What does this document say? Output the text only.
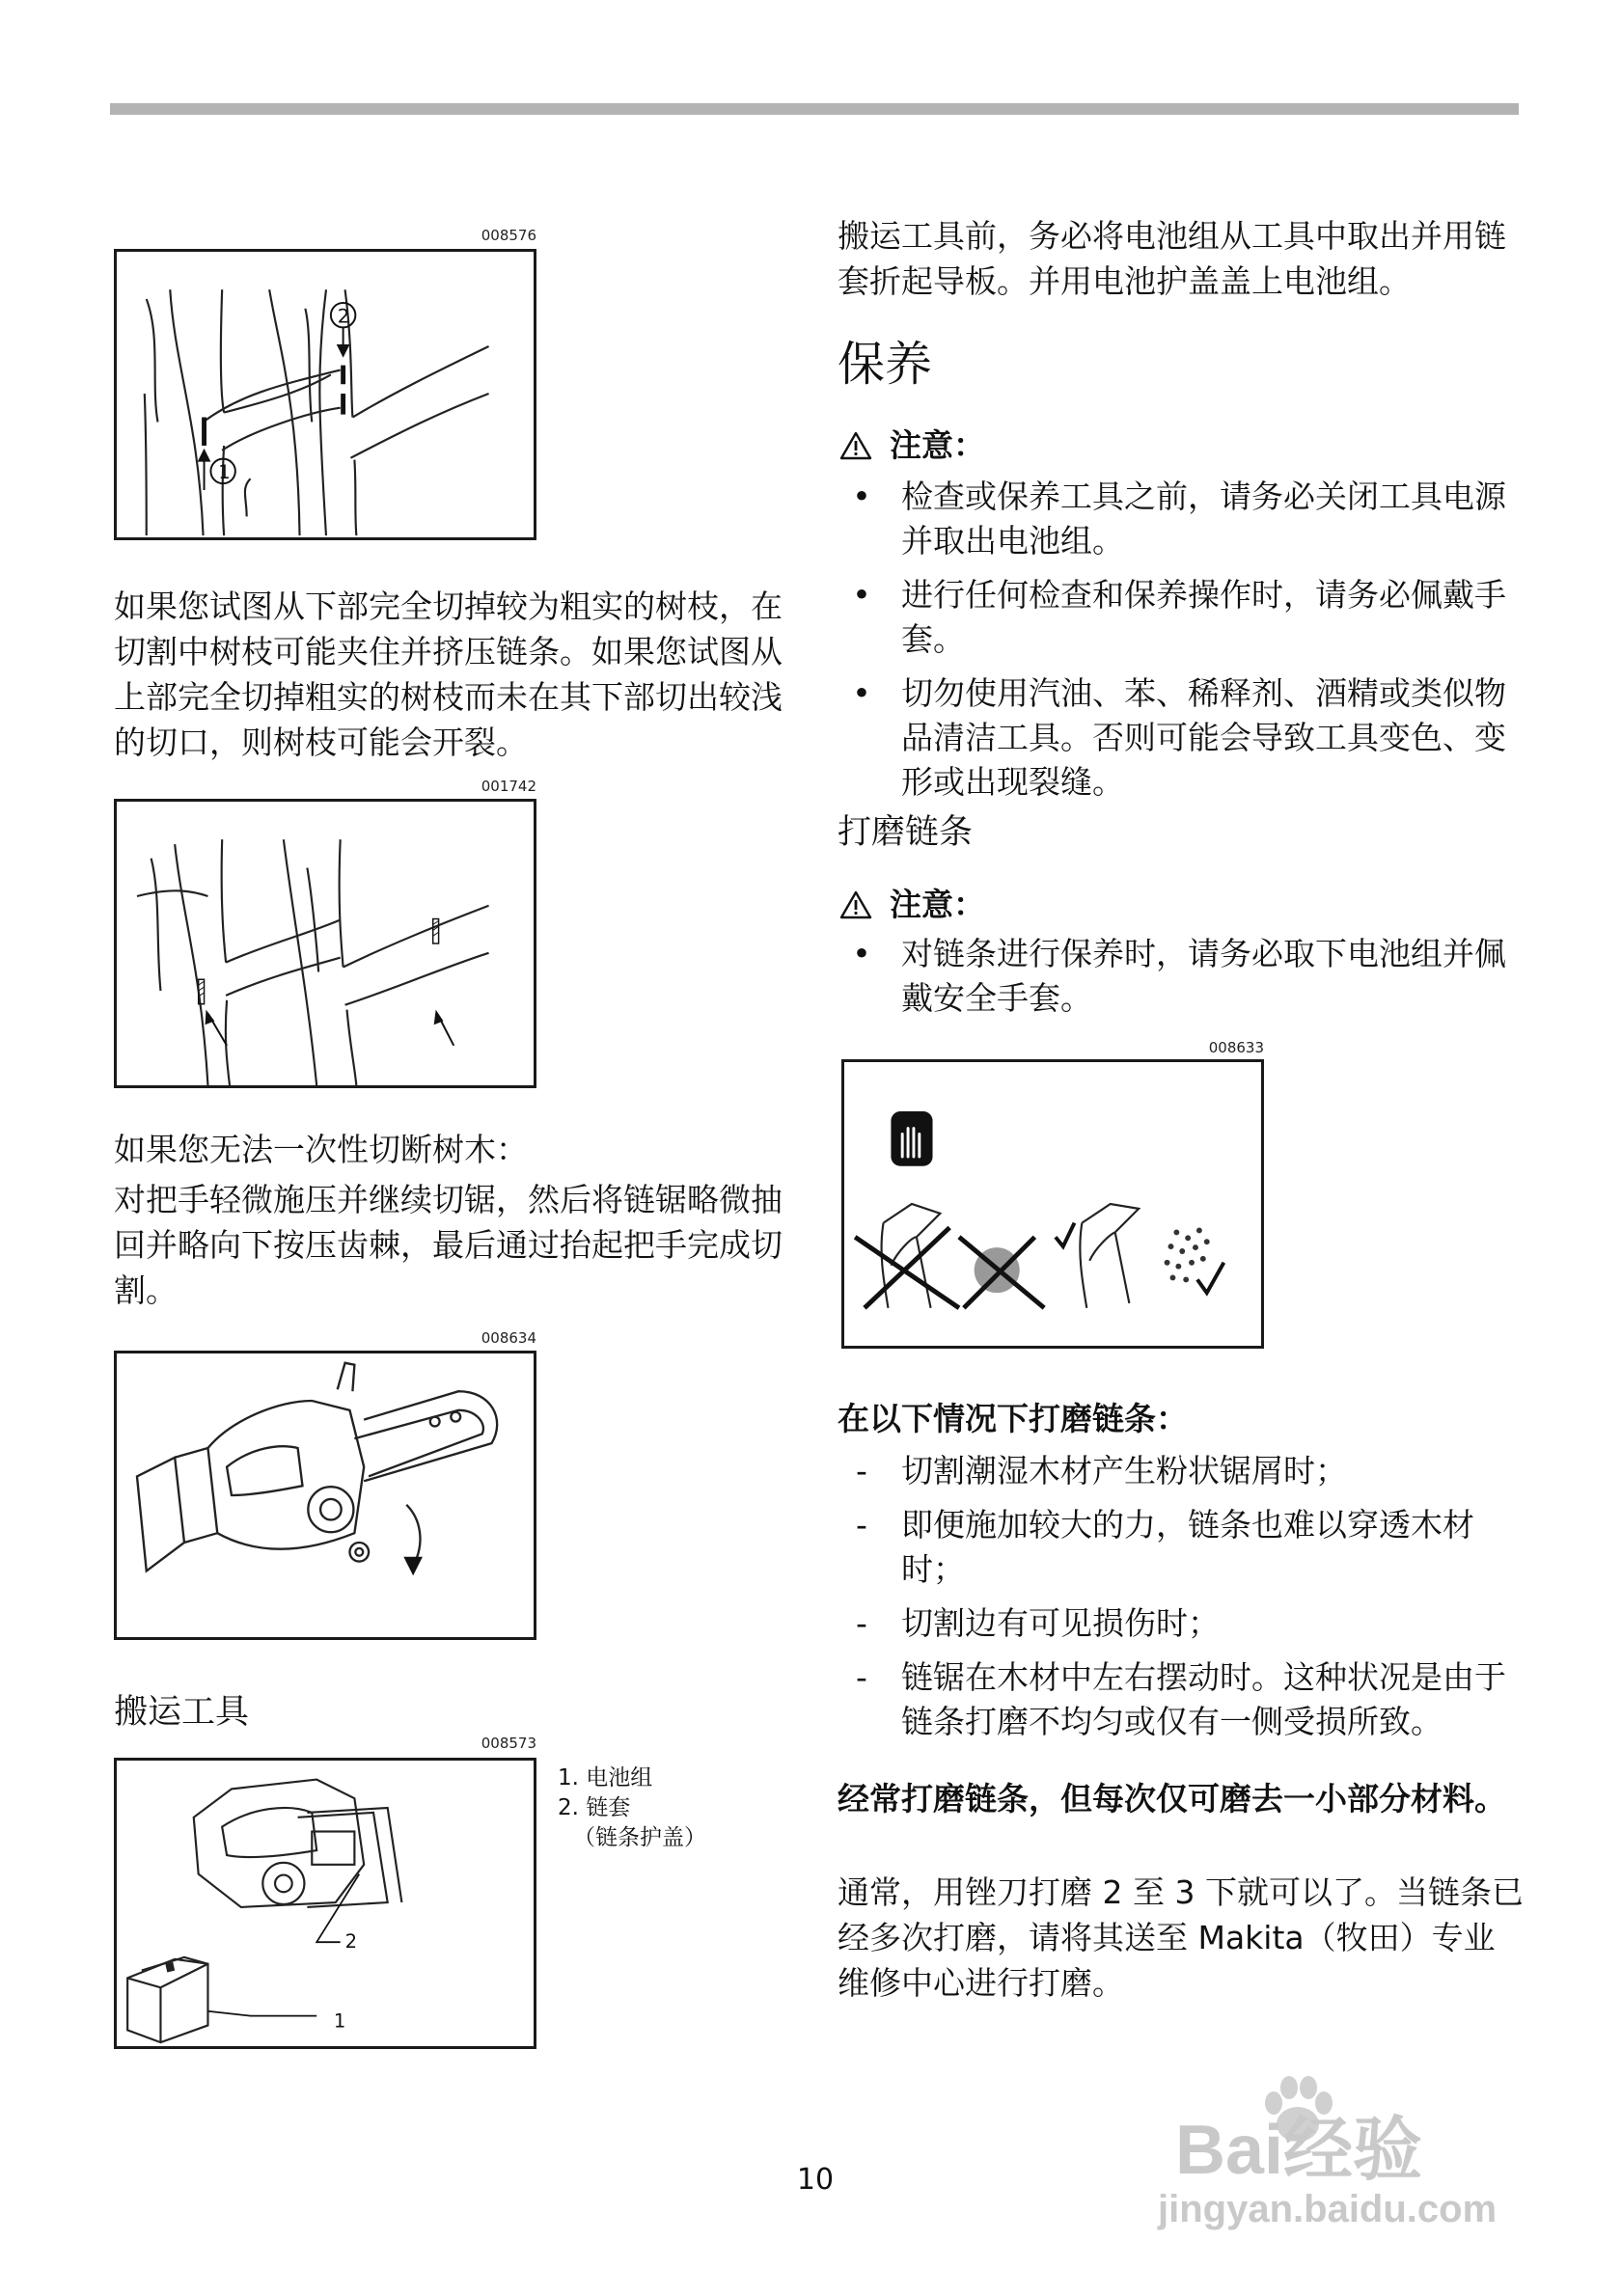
008576
1
2

如果您试图从下部完全切掉较为粗实的树枝，在切割中树枝可能夹住并挤压链条。如果您试图从上部完全切掉粗实的树枝而未在其下部切出较浅的切口，则树枝可能会开裂。

001742

如果您无法一次性切断树木：

对把手轻微施压并继续切锯，然后将链锯略微抽回并略向下按压齿棘，最后通过抬起把手完成切割。

008634
搬运工具
008573
1
2
1. 电池组
2. 链套
（链条护盖）

搬运工具前，务必将电池组从工具中取出并用链套折起导板。并用电池护盖盖上电池组。

保养
注意：
• 检查或保养工具之前，请务必关闭工具电源并取出电池组。
• 进行任何检查和保养操作时，请务必佩戴手套。
• 切勿使用汽油、苯、稀释剂、酒精或类似物品清洁工具。否则可能会导致工具变色、变形或出现裂缝。
打磨链条
注意：
• 对链条进行保养时，请务必取下电池组并佩戴安全手套。
008633
在以下情况下打磨链条：
- 切割潮湿木材产生粉状锯屑时；
- 即便施加较大的力，链条也难以穿透木材时；
- 切割边有可见损伤时；
- 链锯在木材中左右摆动时。这种状况是由于链条打磨不均匀或仅有一侧受损所致。
经常打磨链条，但每次仅可磨去一小部分材料。

通常，用锉刀打磨 2 至 3 下就可以了。当链条已经多次打磨，请将其送至 Makita（牧田）专业维修中心进行打磨。

10	Bai经验
jingyan.baidu.com
